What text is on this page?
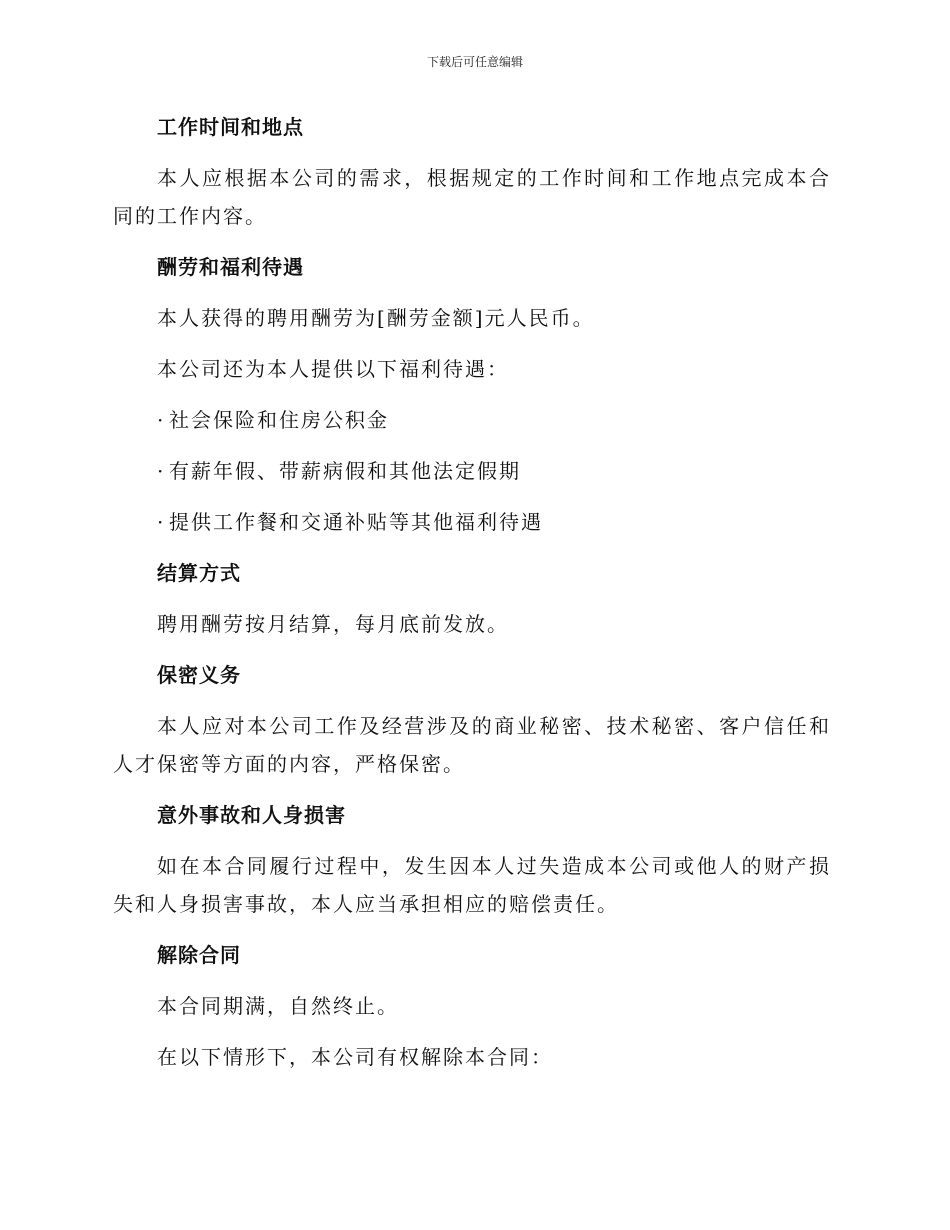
下载后可任意编辑
工作时间和地点
本人应根据本公司的需求，根据规定的工作时间和工作地点完成本合同的工作内容。
酬劳和福利待遇
本人获得的聘用酬劳为[酬劳金额]元人民币。
本公司还为本人提供以下福利待遇：
· 社会保险和住房公积金
· 有薪年假、带薪病假和其他法定假期
· 提供工作餐和交通补贴等其他福利待遇
结算方式
聘用酬劳按月结算，每月底前发放。
保密义务
本人应对本公司工作及经营涉及的商业秘密、技术秘密、客户信任和人才保密等方面的内容，严格保密。
意外事故和人身损害
如在本合同履行过程中，发生因本人过失造成本公司或他人的财产损失和人身损害事故，本人应当承担相应的赔偿责任。
解除合同
本合同期满，自然终止。
在以下情形下，本公司有权解除本合同：
